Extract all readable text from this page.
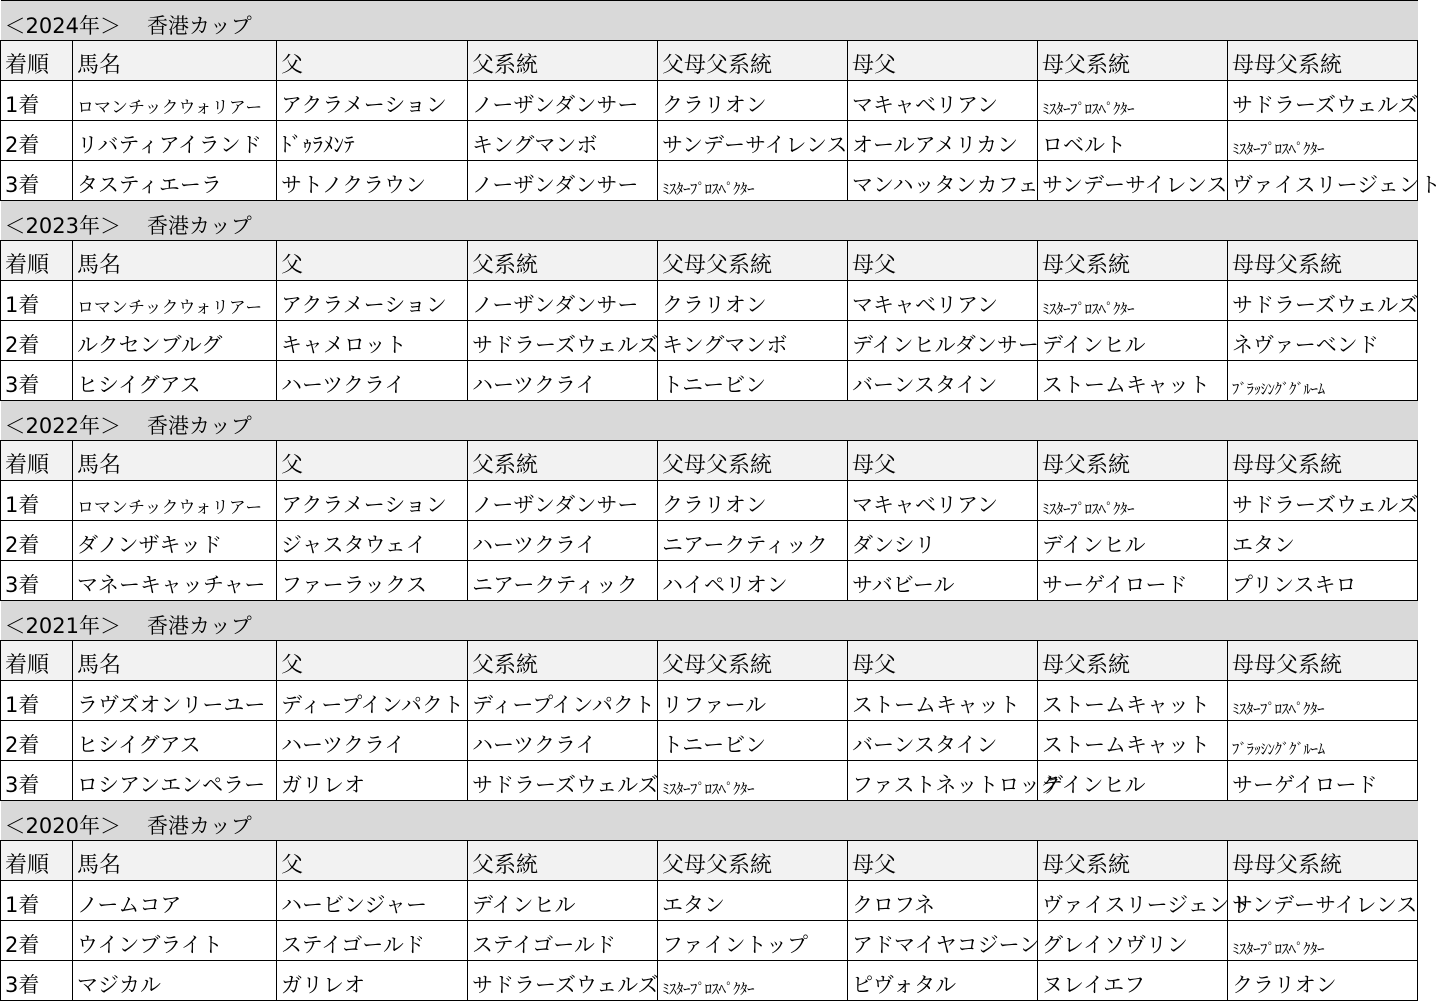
＜2024年＞ 香港カップ							
着順	馬名	父	父系統	父母父系統	母父	母父系統	母母父系統
1着	ロマンチックウォリアー	アクラメーション	ノーザンダンサー	クラリオン	マキャベリアン	ﾐｽﾀｰﾌﾟﾛｽﾍﾟｸﾀｰ	サドラーズウェルズ
2着	リバティアイランド	ﾄﾞｩﾗﾒﾝﾃ	キングマンボ	サンデーサイレンス	オールアメリカン	ロベルト	ﾐｽﾀｰﾌﾟﾛｽﾍﾟｸﾀｰ
3着	タスティエーラ	サトノクラウン	ノーザンダンサー	ﾐｽﾀｰﾌﾟﾛｽﾍﾟｸﾀｰ	マンハッタンカフェ	サンデーサイレンス	ヴァイスリージェント
＜2023年＞ 香港カップ							
着順	馬名	父	父系統	父母父系統	母父	母父系統	母母父系統
1着	ロマンチックウォリアー	アクラメーション	ノーザンダンサー	クラリオン	マキャベリアン	ﾐｽﾀｰﾌﾟﾛｽﾍﾟｸﾀｰ	サドラーズウェルズ
2着	ルクセンブルグ	キャメロット	サドラーズウェルズ	キングマンボ	デインヒルダンサー	デインヒル	ネヴァーベンド
3着	ヒシイグアス	ハーツクライ	ハーツクライ	トニービン	バーンスタイン	ストームキャット	ﾌﾞﾗｯｼﾝｸﾞｸﾞﾙｰﾑ
＜2022年＞ 香港カップ							
着順	馬名	父	父系統	父母父系統	母父	母父系統	母母父系統
1着	ロマンチックウォリアー	アクラメーション	ノーザンダンサー	クラリオン	マキャベリアン	ﾐｽﾀｰﾌﾟﾛｽﾍﾟｸﾀｰ	サドラーズウェルズ
2着	ダノンザキッド	ジャスタウェイ	ハーツクライ	ニアークティック	ダンシリ	デインヒル	エタン
3着	マネーキャッチャー	ファーラックス	ニアークティック	ハイペリオン	サバビール	サーゲイロード	プリンスキロ
＜2021年＞ 香港カップ							
着順	馬名	父	父系統	父母父系統	母父	母父系統	母母父系統
1着	ラヴズオンリーユー	ディープインパクト	ディープインパクト	リファール	ストームキャット	ストームキャット	ﾐｽﾀｰﾌﾟﾛｽﾍﾟｸﾀｰ
2着	ヒシイグアス	ハーツクライ	ハーツクライ	トニービン	バーンスタイン	ストームキャット	ﾌﾞﾗｯｼﾝｸﾞｸﾞﾙｰﾑ
3着	ロシアンエンペラー	ガリレオ	サドラーズウェルズ	ﾐｽﾀｰﾌﾟﾛｽﾍﾟｸﾀｰ	ファストネットロック	デインヒル	サーゲイロード
＜2020年＞ 香港カップ							
着順	馬名	父	父系統	父母父系統	母父	母父系統	母母父系統
1着	ノームコア	ハービンジャー	デインヒル	エタン	クロフネ	ヴァイスリージェント	サンデーサイレンス
2着	ウインブライト	ステイゴールド	ステイゴールド	ファイントップ	アドマイヤコジーン	グレイソヴリン	ﾐｽﾀｰﾌﾟﾛｽﾍﾟｸﾀｰ
3着	マジカル	ガリレオ	サドラーズウェルズ	ﾐｽﾀｰﾌﾟﾛｽﾍﾟｸﾀｰ	ピヴォタル	ヌレイエフ	クラリオン
